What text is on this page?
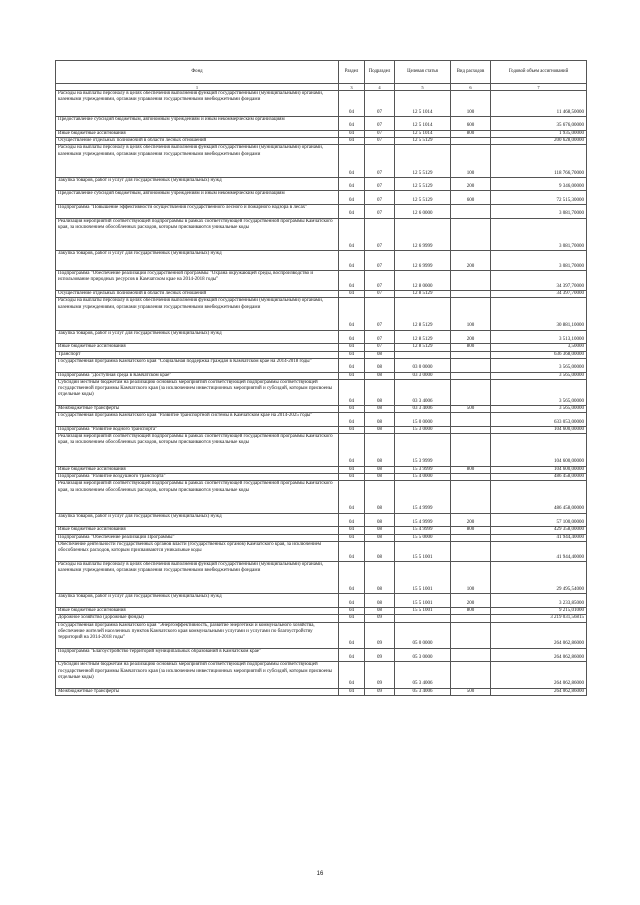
Фонд	Раздел	Подраздел	Целевая статья	Вид расходов	Годовой объем ассигнований
1	3	4	5	6	7
Расходы на выплаты персоналу в целях обеспечения выполнения функций государственными (муниципальными) органами, казенными учреждениями, органами управления государственными внебюджетными фондами	04	07	12 5 1014	100	11 468,50000
Предоставление субсидий бюджетным, автономным учреждениям и иным некоммерческим организациям	04	07	12 5 1014	600	35 676,00000
Иные бюджетные ассигнования	04	07	12 5 1014	800	1 935,00000
Осуществление отдельных полномочий в области лесных отношений	04	07	12 5 5129		200 628,00000
Расходы на выплаты персоналу в целях обеспечения выполнения функций государственными (муниципальными) органами, казенными учреждениями, органами управления государственными внебюджетными фондами	04	07	12 5 5129	100	118 766,70000
Закупка товаров, работ и услуг для государственных (муниципальных) нужд	04	07	12 5 5129	200	9 346,00000
Предоставление субсидий бюджетным, автономным учреждениям и иным некоммерческим организациям	04	07	12 5 5129	600	72 515,30000
Подпрограмма "Повышение эффективности осуществления государственного лесного и пожарного надзора в лесах"	04	07	12 6 0000		3 081,70000
Реализация мероприятий соответствующей подпрограммы в рамках соответствующей государственной программы Камчатского края, за исключением обособленных расходов, которым присваиваются уникальные коды	04	07	12 6 9999		3 081,70000
Закупка товаров, работ и услуг для государственных (муниципальных) нужд	04	07	12 6 9999	200	3 081,70000
Подпрограмма "Обеспечение реализации государственной программы "Охрана окружающей среды, воспроизводство и использование природных ресурсов в Камчатском крае на 2014-2018 годы"	04	07	12 8 0000		34 397,70000
Осуществление отдельных полномочий в области лесных отношений	04	07	12 8 5129		34 397,70000
Расходы на выплаты персоналу в целях обеспечения выполнения функций государственными (муниципальными) органами, казенными учреждениями, органами управления государственными внебюджетными фондами	04	07	12 8 5129	100	30 881,10000
Закупка товаров, работ и услуг для государственных (муниципальных) нужд	04	07	12 8 5129	200	3 513,10000
Иные бюджетные ассигнования	04	07	12 8 5129	800	3,50000
Транспорт	04	08			636 368,00000
Государственная программа Камчатского края "Социальная поддержка граждан в Камчатском крае на 2014-2018 годы"	04	08	03 0 0000		3 565,00000
Подпрограмма "Доступная среда в Камчатском крае"	04	08	03 3 0000		3 565,00000
Субсидии местным бюджетам на реализацию основных мероприятий соответствующей подпрограммы соответствующей государственной программы Камчатского края (за исключением инвестиционных мероприятий и субсидий, которым присвоены отдельные коды)	04	08	03 3 4006		3 565,00000
Межбюджетные трансферты	04	08	03 3 4006	500	3 565,00000
Государственная программа Камчатского края "Развитие транспортной системы в Камчатском крае на 2014-2025 годы"	04	08	15 0 0000		633 053,00000
Подпрограмма "Развитие водного транспорта"	04	08	15 3 0000		104 600,00000
Реализация мероприятий соответствующей подпрограммы в рамках соответствующей государственной программы Камчатского края, за исключением обособленных расходов, которым присваиваются уникальные коды	04	08	15 3 9999		104 600,00000
Иные бюджетные ассигнования	04	08	15 3 9999	800	104 600,00000
Подпрограмма "Развитие воздушного транспорта"	04	08	15 4 0000		486 458,00000
Реализация мероприятий соответствующей подпрограммы в рамках соответствующей государственной программы Камчатского края, за исключением обособленных расходов, которым присваиваются уникальные коды	04	08	15 4 9999		486 458,00000
Закупка товаров, работ и услуг для государственных (муниципальных) нужд	04	08	15 4 9999	200	57 100,00000
Иные бюджетные ассигнования	04	08	15 4 9999	800	429 358,00000
Подпрограмма "Обеспечение реализации Программы"	04	08	15 5 0000		41 944,40000
Обеспечение деятельности государственных органов власти (государственных органов) Камчатского края, за исключением обособленных расходов, которым присваиваются уникальные коды	04	08	15 5 1001		41 944,40000
Расходы на выплаты персоналу в целях обеспечения выполнения функций государственными (муниципальными) органами, казенными учреждениями, органами управления государственными внебюджетными фондами	04	08	15 5 1001	100	29 495,54000
Закупка товаров, работ и услуг для государственных (муниципальных) нужд	04	08	15 5 1001	200	3 233,85000
Иные бюджетные ассигнования	04	08	15 5 1001	800	9 215,01000
Дорожное хозяйство (дорожные фонды)	04	09			3 219 031,56815
Государственная программа Камчатского края "Энергоэффективность, развитие энергетики и коммунального хозяйства, обеспечение жителей населенных пунктов Камчатского края коммунальными услугами и услугами по благоустройству территорий на 2014-2018 годы"	04	09	05 0 0000		264 062,86000
Подпрограмма "Благоустройство территорий муниципальных образований в Камчатском крае"	04	09	05 3 0000		264 062,86000
Субсидии местным бюджетам на реализацию основных мероприятий соответствующей подпрограммы соответствующей государственной программы Камчатского края (за исключением инвестиционных мероприятий и субсидий, которым присвоены отдельные коды)	04	09	05 3 4006		264 062,86000
Межбюджетные трансферты	04	09	05 3 4006	500	264 062,86000
16
